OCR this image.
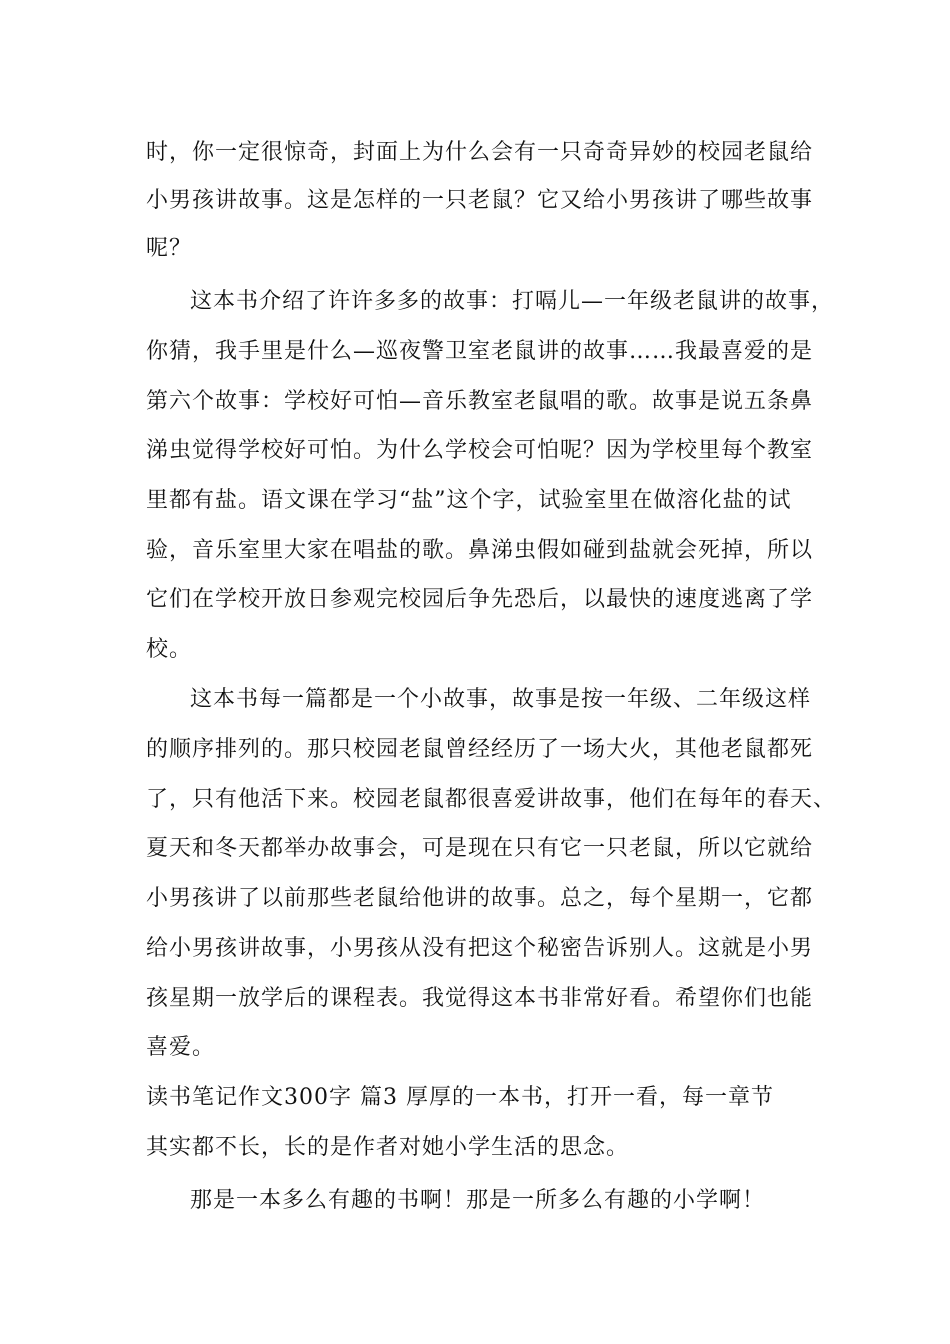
时，你一定很惊奇，封面上为什么会有一只奇奇异妙的校园老鼠给
小男孩讲故事。这是怎样的一只老鼠？它又给小男孩讲了哪些故事
呢？
这本书介绍了许许多多的故事：打嗝儿—一年级老鼠讲的故事，
你猜，我手里是什么—巡夜警卫室老鼠讲的故事……我最喜爱的是
第六个故事：学校好可怕—音乐教室老鼠唱的歌。故事是说五条鼻
涕虫觉得学校好可怕。为什么学校会可怕呢？因为学校里每个教室
里都有盐。语文课在学习“盐”这个字，试验室里在做溶化盐的试
验，音乐室里大家在唱盐的歌。鼻涕虫假如碰到盐就会死掉，所以
它们在学校开放日参观完校园后争先恐后，以最快的速度逃离了学
校。
这本书每一篇都是一个小故事，故事是按一年级、二年级这样
的顺序排列的。那只校园老鼠曾经经历了一场大火，其他老鼠都死
了，只有他活下来。校园老鼠都很喜爱讲故事，他们在每年的春天、
夏天和冬天都举办故事会，可是现在只有它一只老鼠，所以它就给
小男孩讲了以前那些老鼠给他讲的故事。总之，每个星期一，它都
给小男孩讲故事，小男孩从没有把这个秘密告诉别人。这就是小男
孩星期一放学后的课程表。我觉得这本书非常好看。希望你们也能
喜爱。
读书笔记作文300字 篇3 厚厚的一本书，打开一看，每一章节
其实都不长，长的是作者对她小学生活的思念。
那是一本多么有趣的书啊！那是一所多么有趣的小学啊！
